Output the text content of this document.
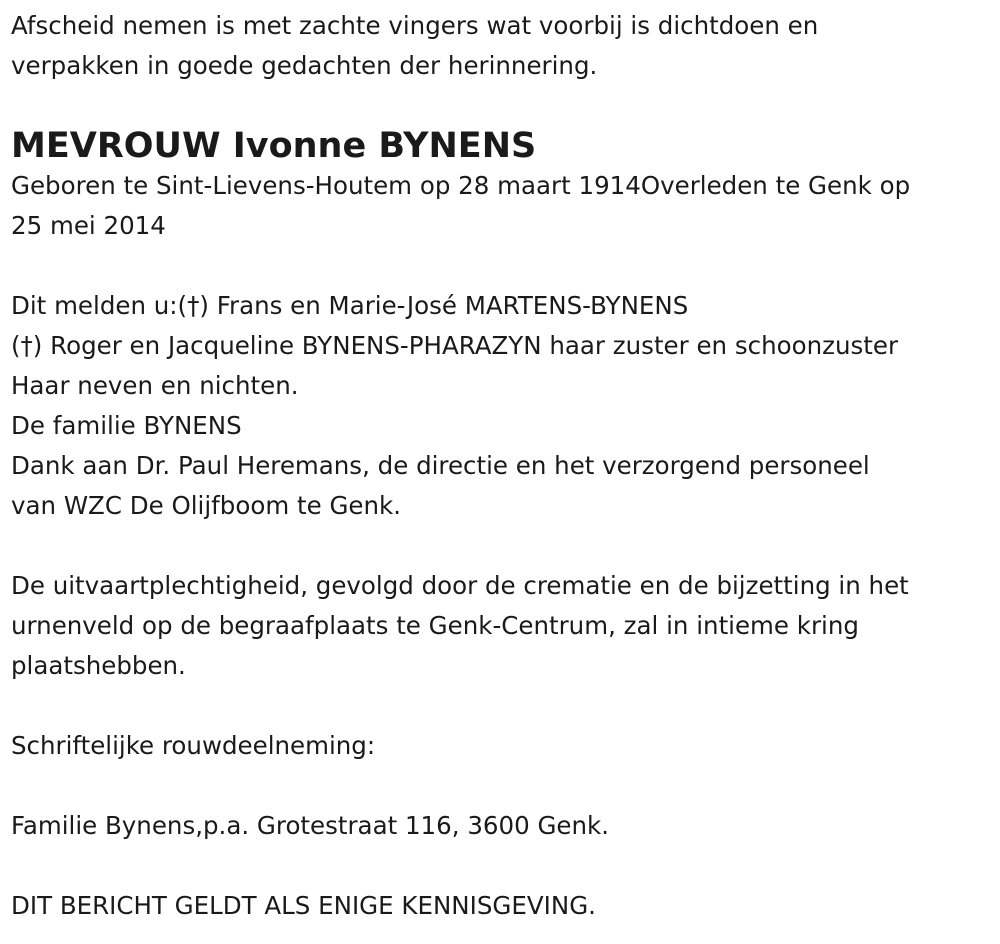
Afscheid nemen is met zachte vingers wat voorbij is dichtdoen en
verpakken in goede gedachten der herinnering.
MEVROUW Ivonne BYNENS
Geboren te Sint-Lievens-Houtem op 28 maart 1914Overleden te Genk op
25 mei 2014
Dit melden u:(†) Frans en Marie-José MARTENS-BYNENS
(†) Roger en Jacqueline BYNENS-PHARAZYN haar zuster en schoonzuster
Haar neven en nichten.
De familie BYNENS
Dank aan Dr. Paul Heremans, de directie en het verzorgend personeel
van WZC De Olijfboom te Genk.
De uitvaartplechtigheid, gevolgd door de crematie en de bijzetting in het
urnenveld op de begraafplaats te Genk-Centrum, zal in intieme kring
plaatshebben.
Schriftelijke rouwdeelneming:
Familie Bynens,p.a. Grotestraat 116, 3600 Genk.
DIT BERICHT GELDT ALS ENIGE KENNISGEVING.
